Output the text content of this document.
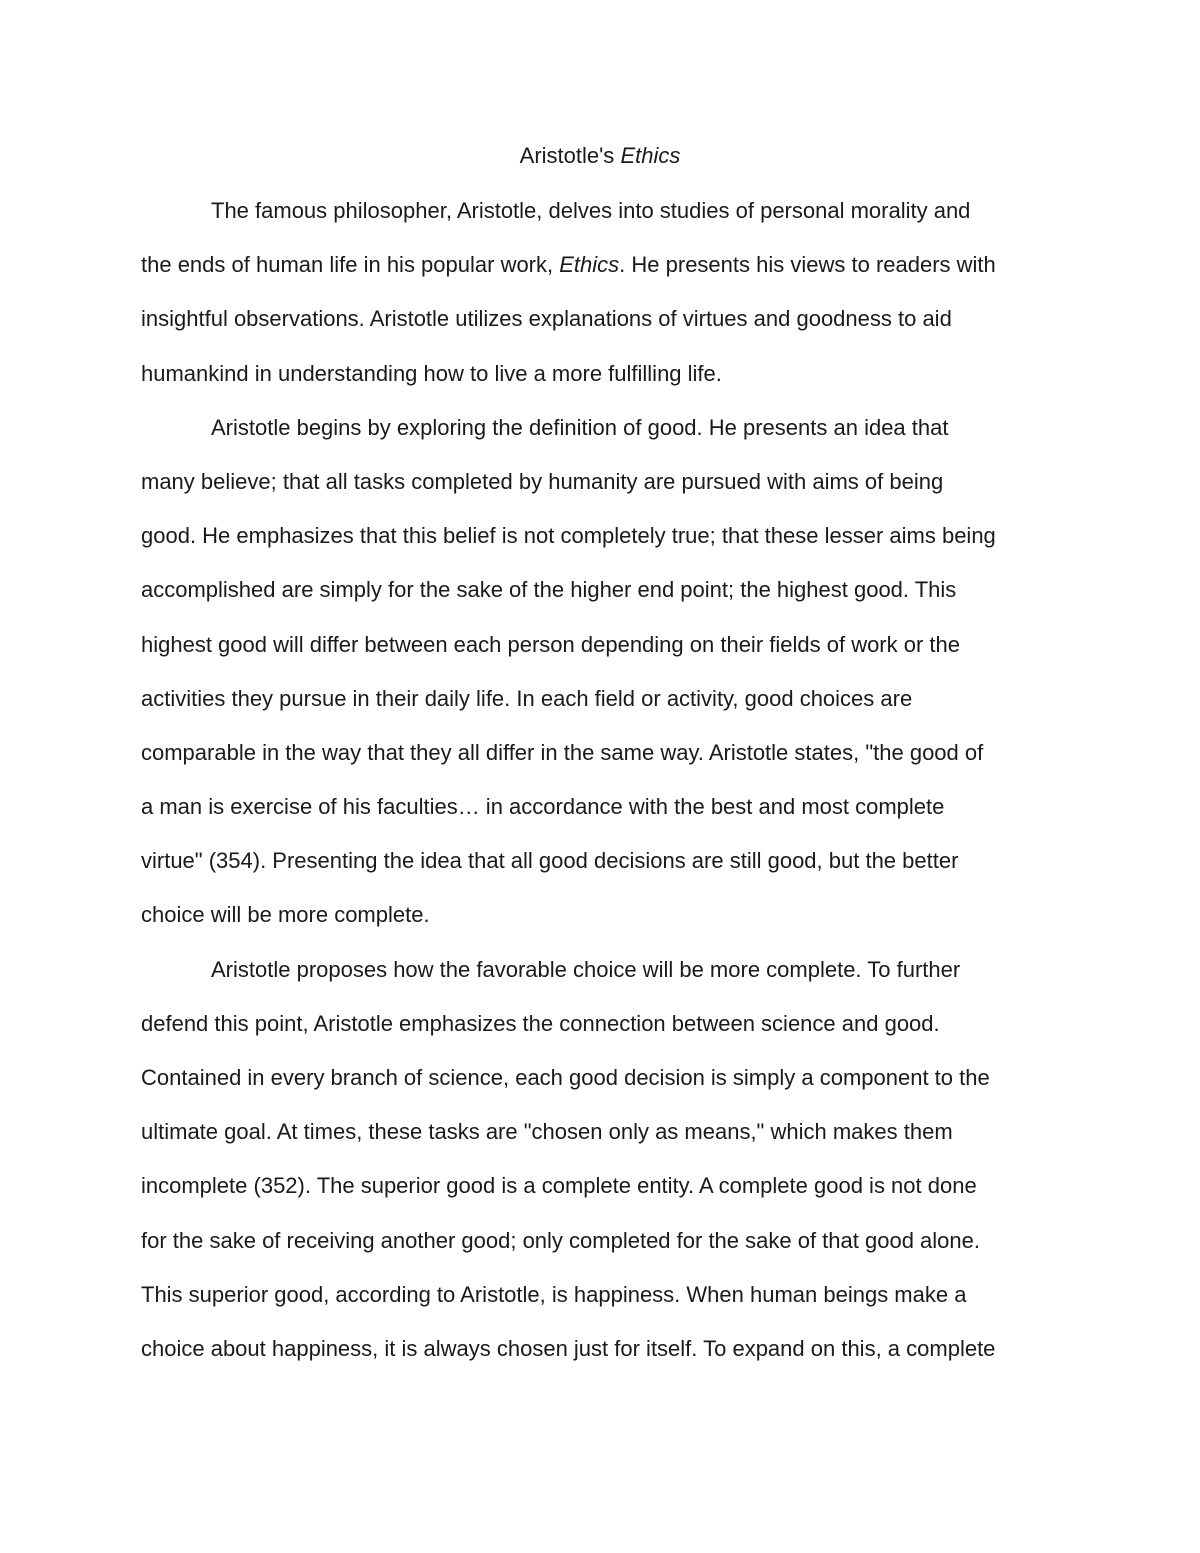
Aristotle's Ethics
The famous philosopher, Aristotle, delves into studies of personal morality and
the ends of human life in his popular work, Ethics. He presents his views to readers with
insightful observations. Aristotle utilizes explanations of virtues and goodness to aid
humankind in understanding how to live a more fulfilling life.
Aristotle begins by exploring the definition of good. He presents an idea that
many believe; that all tasks completed by humanity are pursued with aims of being
good. He emphasizes that this belief is not completely true; that these lesser aims being
accomplished are simply for the sake of the higher end point; the highest good. This
highest good will differ between each person depending on their fields of work or the
activities they pursue in their daily life. In each field or activity, good choices are
comparable in the way that they all differ in the same way. Aristotle states, "the good of
a man is exercise of his faculties… in accordance with the best and most complete
virtue" (354). Presenting the idea that all good decisions are still good, but the better
choice will be more complete.
Aristotle proposes how the favorable choice will be more complete. To further
defend this point, Aristotle emphasizes the connection between science and good.
Contained in every branch of science, each good decision is simply a component to the
ultimate goal. At times, these tasks are "chosen only as means," which makes them
incomplete (352). The superior good is a complete entity. A complete good is not done
for the sake of receiving another good; only completed for the sake of that good alone.
This superior good, according to Aristotle, is happiness. When human beings make a
choice about happiness, it is always chosen just for itself. To expand on this, a complete
